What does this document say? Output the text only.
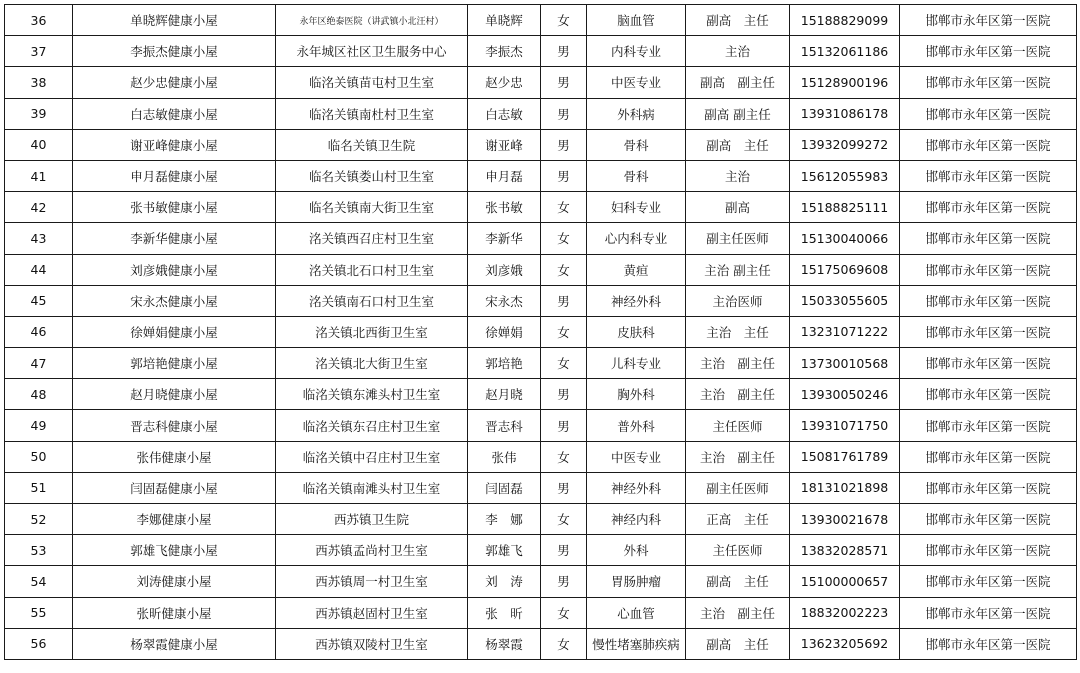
36	单晓辉健康小屋	永年区绝泰医院（讲武镇小北汪村）	单晓辉	女	脑血管	副高　主任	15188829099	邯郸市永年区第一医院
37	李振杰健康小屋	永年城区社区卫生服务中心	李振杰	男	内科专业	主治	15132061186	邯郸市永年区第一医院
38	赵少忠健康小屋	临洺关镇苗屯村卫生室	赵少忠	男	中医专业	副高　副主任	15128900196	邯郸市永年区第一医院
39	白志敏健康小屋	临洺关镇南杜村卫生室	白志敏	男	外科病	副高 副主任	13931086178	邯郸市永年区第一医院
40	谢亚峰健康小屋	临名关镇卫生院	谢亚峰	男	骨科	副高　主任	13932099272	邯郸市永年区第一医院
41	申月磊健康小屋	临名关镇娄山村卫生室	申月磊	男	骨科	主治	15612055983	邯郸市永年区第一医院
42	张书敏健康小屋	临名关镇南大街卫生室	张书敏	女	妇科专业	副高	15188825111	邯郸市永年区第一医院
43	李新华健康小屋	洺关镇西召庄村卫生室	李新华	女	心内科专业	副主任医师	15130040066	邯郸市永年区第一医院
44	刘彦娥健康小屋	洺关镇北石口村卫生室	刘彦娥	女	黄疸	主治 副主任	15175069608	邯郸市永年区第一医院
45	宋永杰健康小屋	洺关镇南石口村卫生室	宋永杰	男	神经外科	主治医师	15033055605	邯郸市永年区第一医院
46	徐婵娟健康小屋	洺关镇北西街卫生室	徐婵娟	女	皮肤科	主治　主任	13231071222	邯郸市永年区第一医院
47	郭培艳健康小屋	洺关镇北大街卫生室	郭培艳	女	儿科专业	主治　副主任	13730010568	邯郸市永年区第一医院
48	赵月晓健康小屋	临洺关镇东滩头村卫生室	赵月晓	男	胸外科	主治　副主任	13930050246	邯郸市永年区第一医院
49	晋志科健康小屋	临洺关镇东召庄村卫生室	晋志科	男	普外科	主任医师	13931071750	邯郸市永年区第一医院
50	张伟健康小屋	临洺关镇中召庄村卫生室	张伟	女	中医专业	主治　副主任	15081761789	邯郸市永年区第一医院
51	闫固磊健康小屋	临洺关镇南滩头村卫生室	闫固磊	男	神经外科	副主任医师	18131021898	邯郸市永年区第一医院
52	李娜健康小屋	西苏镇卫生院	李　娜	女	神经内科	正高　主任	13930021678	邯郸市永年区第一医院
53	郭雄飞健康小屋	西苏镇孟尚村卫生室	郭雄飞	男	外科	主任医师	13832028571	邯郸市永年区第一医院
54	刘涛健康小屋	西苏镇周一村卫生室	刘　涛	男	胃肠肿瘤	副高　主任	15100000657	邯郸市永年区第一医院
55	张昕健康小屋	西苏镇赵固村卫生室	张　昕	女	心血管	主治　副主任	18832002223	邯郸市永年区第一医院
56	杨翠霞健康小屋	西苏镇双陵村卫生室	杨翠霞	女	慢性堵塞肺疾病	副高　主任	13623205692	邯郸市永年区第一医院
